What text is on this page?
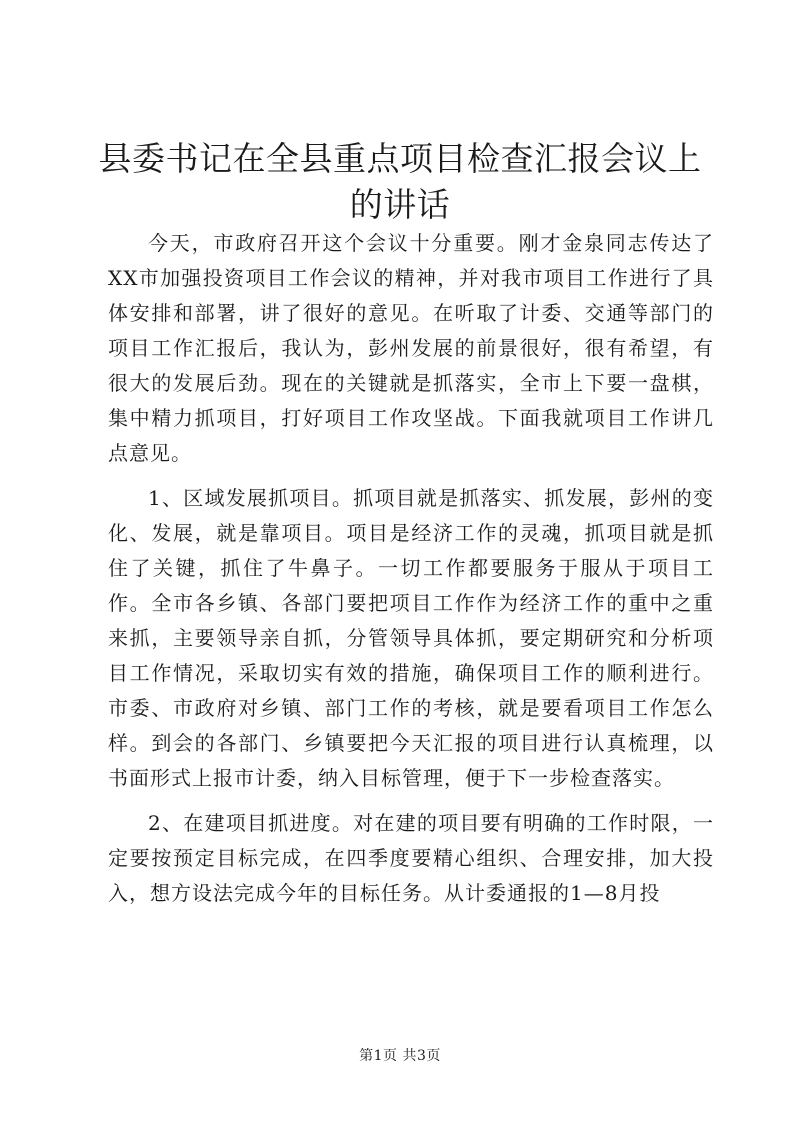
县委书记在全县重点项目检查汇报会议上的讲话

今天，市政府召开这个会议十分重要。刚才金泉同志传达了XX市加强投资项目工作会议的精神，并对我市项目工作进行了具体安排和部署，讲了很好的意见。在听取了计委、交通等部门的项目工作汇报后，我认为，彭州发展的前景很好，很有希望，有很大的发展后劲。现在的关键就是抓落实，全市上下要一盘棋，集中精力抓项目，打好项目工作攻坚战。下面我就项目工作讲几点意见。

1、区域发展抓项目。抓项目就是抓落实、抓发展，彭州的变化、发展，就是靠项目。项目是经济工作的灵魂，抓项目就是抓住了关键，抓住了牛鼻子。一切工作都要服务于服从于项目工作。全市各乡镇、各部门要把项目工作作为经济工作的重中之重来抓，主要领导亲自抓，分管领导具体抓，要定期研究和分析项目工作情况，采取切实有效的措施，确保项目工作的顺利进行。市委、市政府对乡镇、部门工作的考核，就是要看项目工作怎么样。到会的各部门、乡镇要把今天汇报的项目进行认真梳理，以书面形式上报市计委，纳入目标管理，便于下一步检查落实。

2、在建项目抓进度。对在建的项目要有明确的工作时限，一定要按预定目标完成，在四季度要精心组织、合理安排，加大投入，想方设法完成今年的目标任务。从计委通报的1—8月投

第1页 共3页
